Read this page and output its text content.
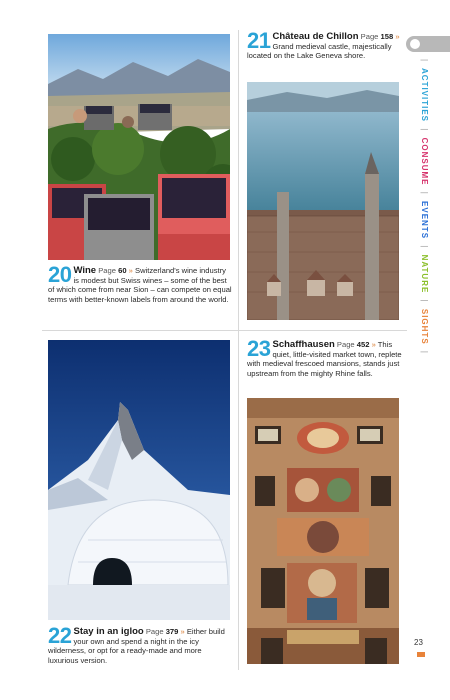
20 Wine Page 60 » Switzerland's wine industry is modest but Swiss wines – some of the best of which come from near Sion – can compete on equal terms with better-known labels from around the world.
21 Château de Chillon Page 158 » Grand medieval castle, majestically located on the Lake Geneva shore.
22 Stay in an igloo Page 379 » Either build your own and spend a night in the icy wilderness, or opt for a ready-made and more luxurious version.
23 Schaffhausen Page 452 » This quiet, little-visited market town, replete with medieval frescoed mansions, stands just upstream from the mighty Rhine falls.
| ACTIVITIES | CONSUME | EVENTS | NATURE | SIGHTS |
23
